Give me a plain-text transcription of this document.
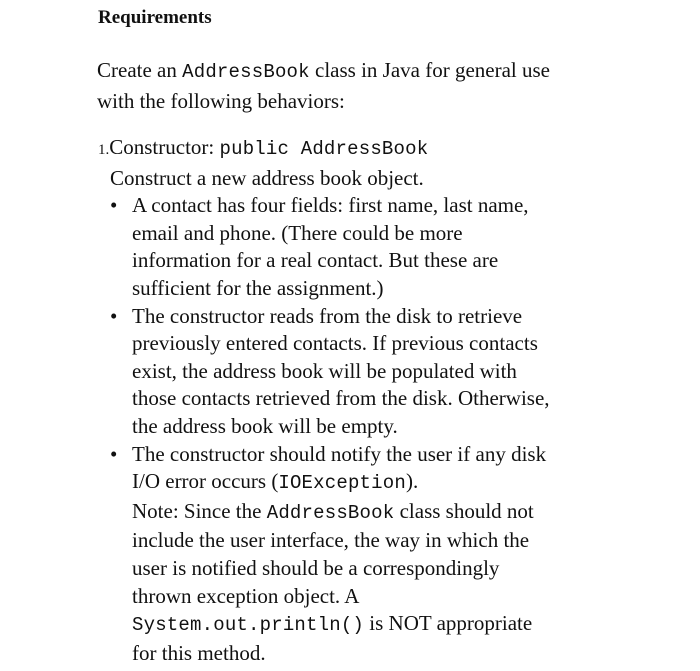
Requirements

Create an AddressBook class in Java for general use

with the following behaviors:

1.Constructor: public AddressBook
Construct a new address book object.
• A contact has four fields: first name, last name,
email and phone. (There could be more
information for a real contact. But these are
sufficient for the assignment.)
• The constructor reads from the disk to retrieve
previously entered contacts. If previous contacts
exist, the address book will be populated with
those contacts retrieved from the disk. Otherwise,
the address book will be empty.
• The constructor should notify the user if any disk
I/O error occurs (IOException).
Note: Since the AddressBook class should not
include the user interface, the way in which the
user is notified should be a correspondingly
thrown exception object. A
System.out.println() is NOT appropriate
for this method.
